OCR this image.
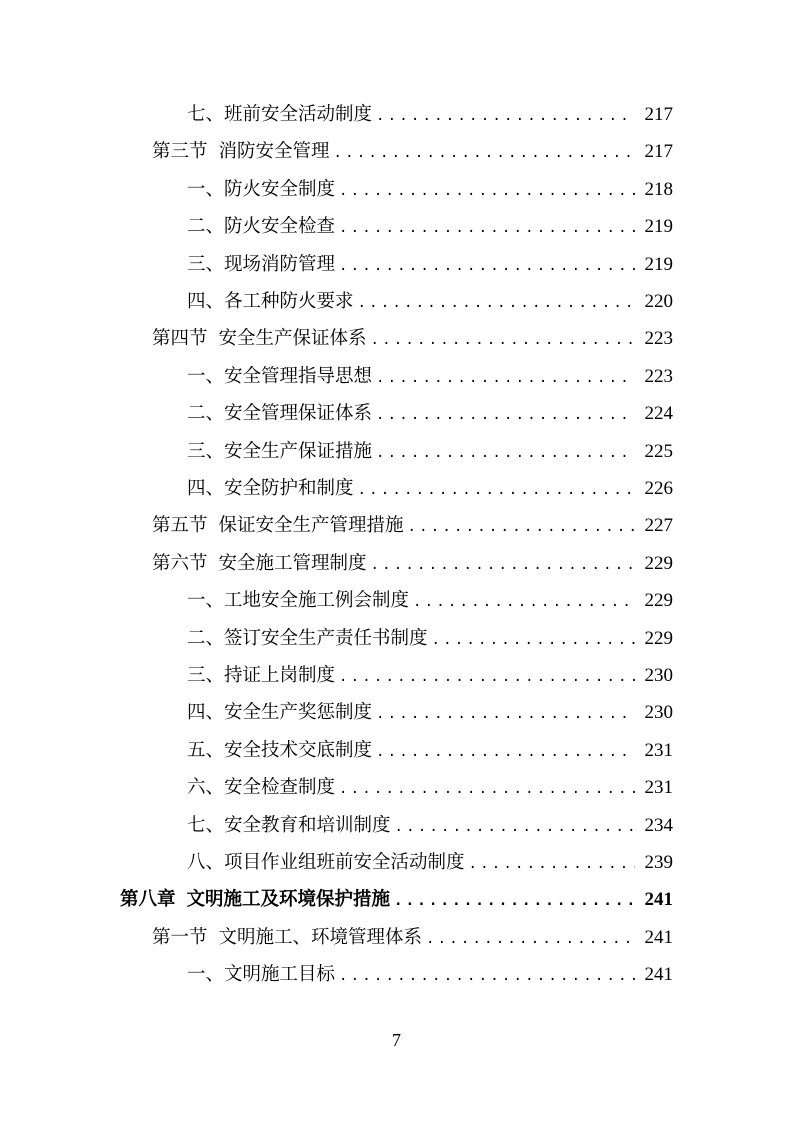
七、 班前安全活动制度 .....	217
第三节 消防安全管理 .....	217
一、 防火安全制度 .....	218
二、 防火安全检查 .....	219
三、 现场消防管理 .....	219
四、 各工种防火要求 .....	220
第四节 安全生产保证体系 .....	223
一、 安全管理指导思想 .....	223
二、 安全管理保证体系 .....	224
三、 安全生产保证措施 .....	225
四、 安全防护和制度 .....	226
第五节 保证安全生产管理措施 .....	227
第六节 安全施工管理制度 .....	229
一、 工地安全施工例会制度 .....	229
二、 签订安全生产责任书制度 .....	229
三、 持证上岗制度 .....	230
四、 安全生产奖惩制度 .....	230
五、 安全技术交底制度 .....	231
六、 安全检查制度 .....	231
七、 安全教育和培训制度 .....	234
八、 项目作业组班前安全活动制度 .....	239
第八章 文明施工及环境保护措施 .....	241
第一节 文明施工、环境管理体系 .....	241
一、 文明施工目标 .....	241
7
